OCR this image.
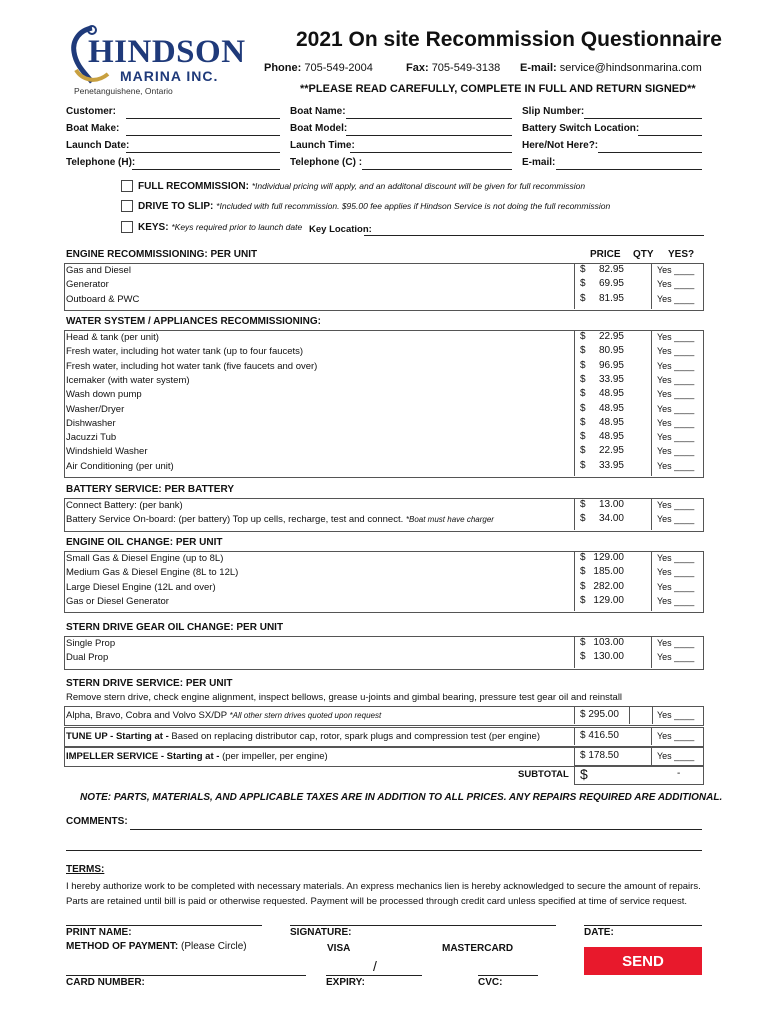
HINDSON
MARINA INC.
Penetanguishene, Ontario
2021 On site Recommission Questionnaire
Phone: 705-549-2004	Fax: 705-549-3138 E-mail: service@hindsonmarina.com
**PLEASE READ CAREFULLY, COMPLETE IN FULL AND RETURN SIGNED**
Customer:	Boat Name:	Slip Number:
Boat Make:	Boat Model:	Battery Switch Location:
Launch Date:	Launch Time:	Here/Not Here?:
Telephone (H):	Telephone (C) :	E-mail:
FULL RECOMMISSION: *Individual pricing will apply, and an additonal discount will be given for full recommission
DRIVE TO SLIP: *Included with full recommission. $95.00 fee applies if Hindson Service is not doing the full recommission
KEYS: *Keys required prior to launch date Key Location:
PRICE QTY YES?
ENGINE RECOMMISSIONING: PER UNIT
Gas and Diesel	$ 82.95	Yes ____
Generator	$ 69.95	Yes ____
Outboard & PWC	$ 81.95	Yes ____
WATER SYSTEM / APPLIANCES RECOMMISSIONING:
Head & tank (per unit)	$ 22.95	Yes ____
Fresh water, including hot water tank (up to four faucets)	$ 80.95	Yes ____
Fresh water, including hot water tank (five faucets and over)	$ 96.95	Yes ____
Icemaker (with water system)	$ 33.95	Yes ____
Wash down pump	$ 48.95	Yes ____
Washer/Dryer	$ 48.95	Yes ____
Dishwasher	$ 48.95	Yes ____
Jacuzzi Tub	$ 48.95	Yes ____
Windshield Washer	$ 22.95	Yes ____
Air Conditioning (per unit)	$ 33.95	Yes ____
BATTERY SERVICE: PER BATTERY
Connect Battery: (per bank)	$ 13.00	Yes ____
Battery Service On-board: (per battery) Top up cells, recharge, test and connect. *Boat must have charger	$ 34.00	Yes ____
ENGINE OIL CHANGE: PER UNIT
Small Gas & Diesel Engine (up to 8L)	$ 129.00	Yes ____
Medium Gas & Diesel Engine (8L to 12L)	$ 185.00	Yes ____
Large Diesel Engine (12L and over)	$ 282.00	Yes ____
Gas or Diesel Generator	$ 129.00	Yes ____
STERN DRIVE GEAR OIL CHANGE: PER UNIT
Single Prop	$ 103.00	Yes ____
Dual Prop	$ 130.00	Yes ____
STERN DRIVE SERVICE: PER UNIT
Remove stern drive, check engine alignment, inspect bellows, grease u-joints and gimbal bearing, pressure test gear oil and reinstall
Alpha, Bravo, Cobra and Volvo SX/DP *All other stern drives quoted upon request	$ 295.00	Yes ____
TUNE UP - Starting at - Based on replacing distributor cap, rotor, spark plugs and compression test (per engine)	$ 416.50	Yes ____
IMPELLER SERVICE - Starting at - (per impeller, per engine)	$ 178.50	Yes ____
SUBTOTAL $	-
NOTE: PARTS, MATERIALS, AND APPLICABLE TAXES ARE IN ADDITION TO ALL PRICES. ANY REPAIRS REQUIRED ARE ADDITIONAL.
COMMENTS:
TERMS:
I hereby authorize work to be completed with necessary materials. An express mechanics lien is hereby acknowledged to secure the amount of repairs.
Parts are retained until bill is paid or otherwise requested. Payment will be processed through credit card unless specified at time of service request.
PRINT NAME:	SIGNATURE:	DATE:
METHOD OF PAYMENT: (Please Circle)	VISA	MASTERCARD
SEND
CARD NUMBER:
/
EXPIRY:	CVC:
